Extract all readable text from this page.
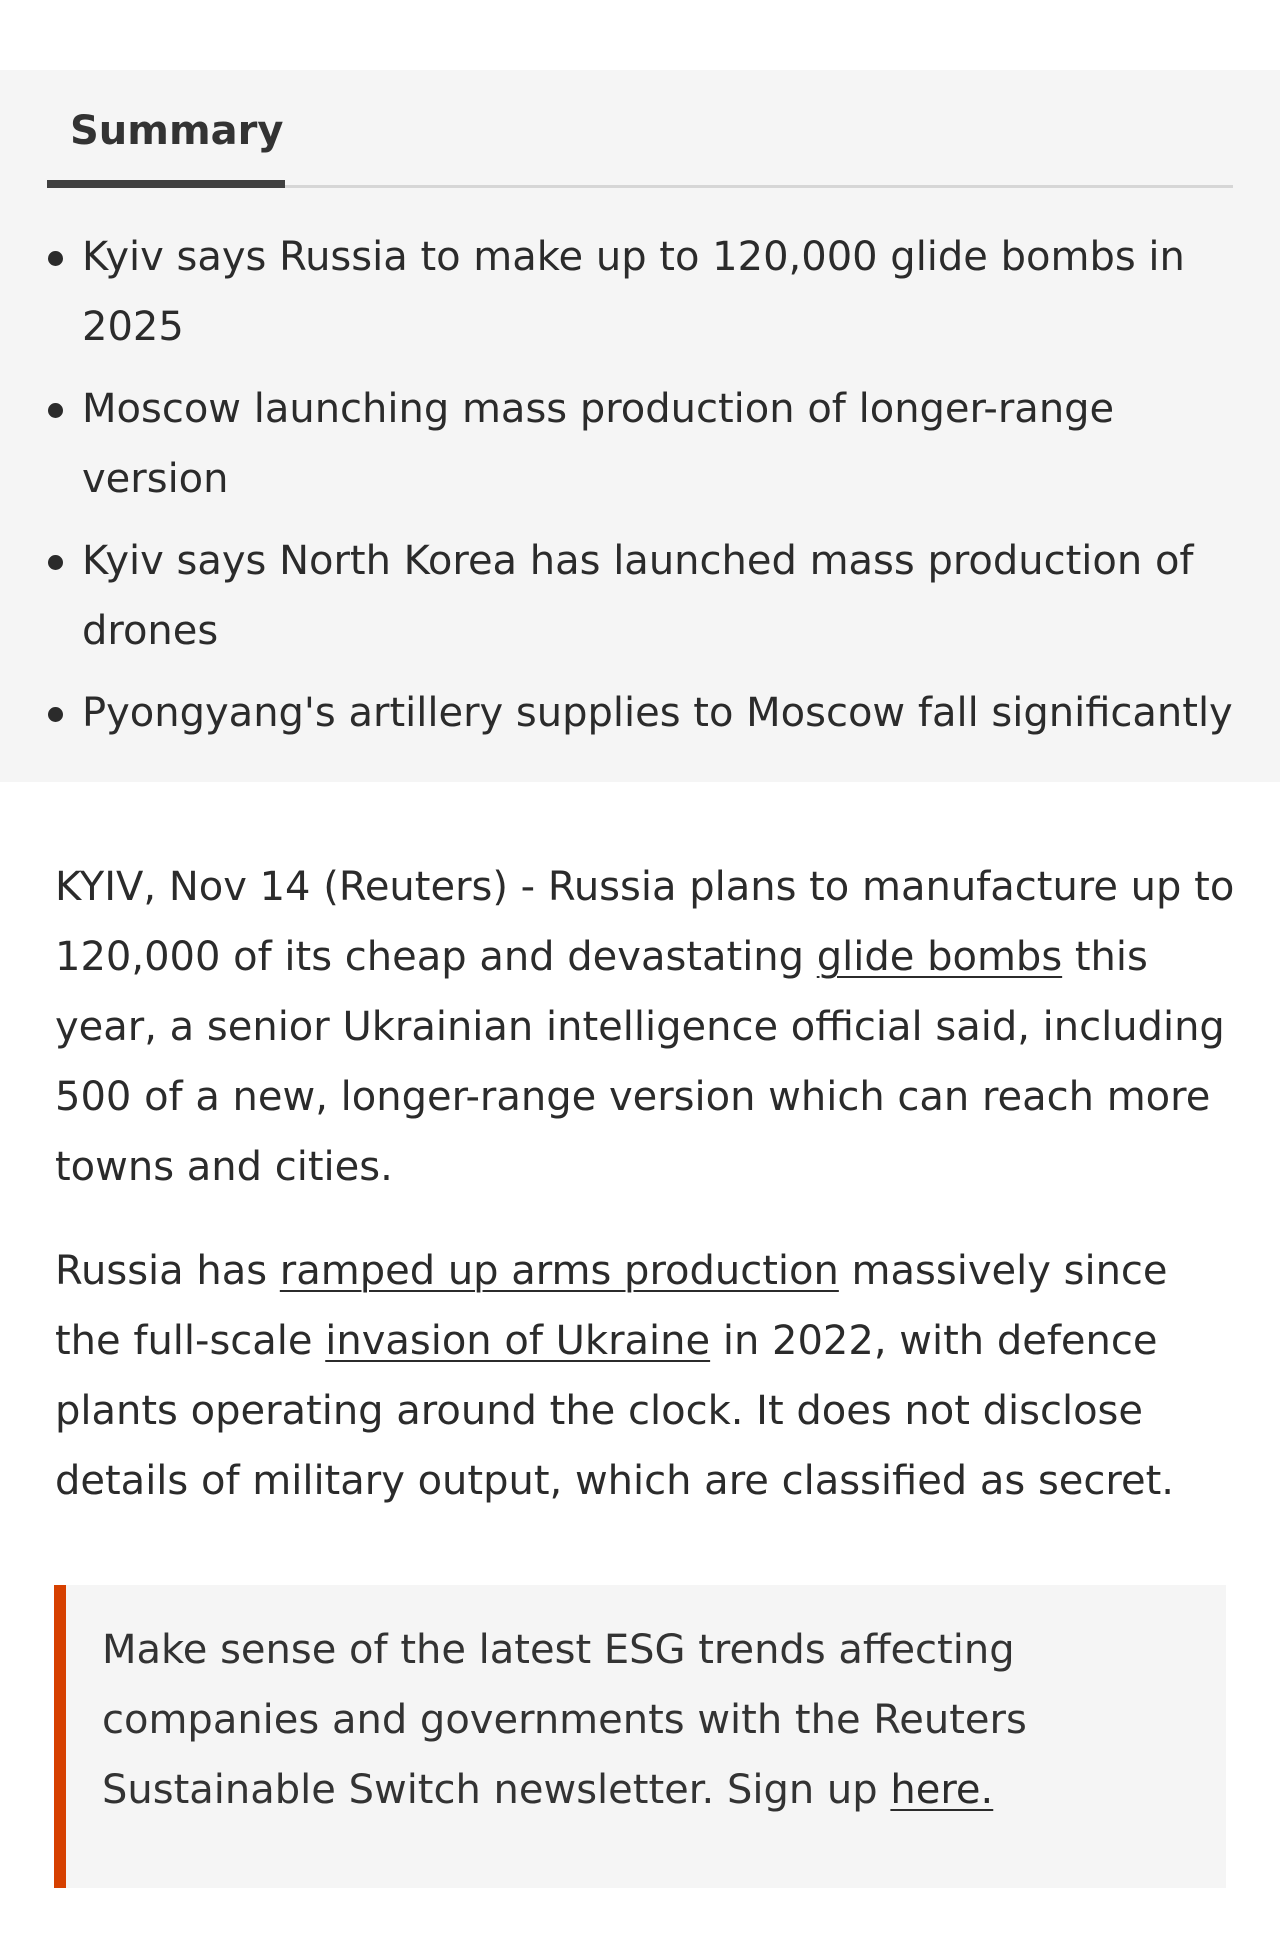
Summary
Kyiv says Russia to make up to 120,000 glide bombs in 2025
Moscow launching mass production of longer-range version
Kyiv says North Korea has launched mass production of drones
Pyongyang's artillery supplies to Moscow fall significantly

KYIV, Nov 14 (Reuters) - Russia plans to manufacture up to 120,000 of its cheap and devastating glide bombs this year, a senior Ukrainian intelligence official said, including 500 of a new, longer-range version which can reach more towns and cities.

Russia has ramped up arms production massively since the full-scale invasion of Ukraine in 2022, with defence plants operating around the clock. It does not disclose details of military output, which are classified as secret.

Make sense of the latest ESG trends affecting companies and governments with the Reuters Sustainable Switch newsletter. Sign up here.
